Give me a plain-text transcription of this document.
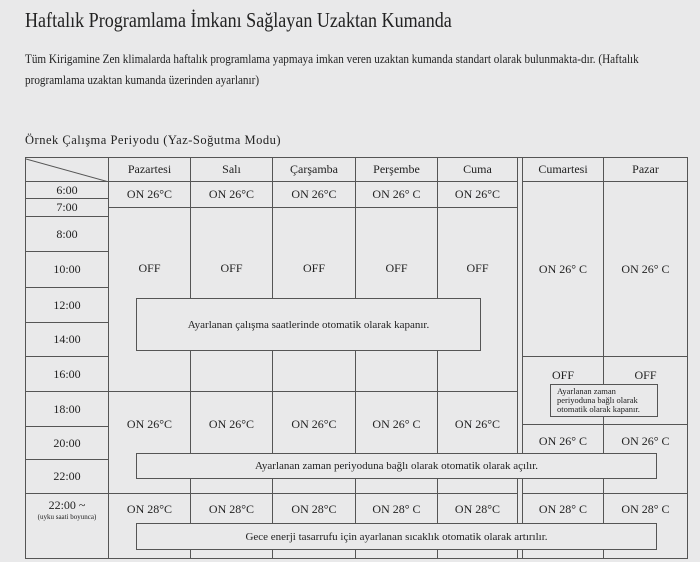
Haftalık Programlama İmkanı Sağlayan Uzaktan Kumanda
Tüm Kirigamine Zen klimalarda haftalık programlama yapmaya imkan veren uzaktan kumanda standart olarak bulunmakta-dır. (Haftalık programlama uzaktan kumanda üzerinden ayarlanır)
Örnek Çalışma Periyodu (Yaz-Soğutma Modu)
6:00
7:00
8:00
10:00
12:00
14:00
16:00
18:00
20:00
22:00
22:00 ~
(uyku saati boyunca)
Pazartesi
ON 26°C
OFF
ON 26°C
ON 28°C
Salı
ON 26°C
OFF
ON 26°C
ON 28°C
Çarşamba
ON 26°C
OFF
ON 26°C
ON 28°C
Perşembe
ON 26° C
OFF
ON 26° C
ON 28° C
Cuma
ON 26°C
OFF
ON 26°C
ON 28°C
Cumartesi
ON 26° C
OFF
ON 26° C
ON 28° C
Pazar
ON 26° C
OFF
ON 26° C
ON 28° C
Ayarlanan çalışma saatlerinde otomatik olarak kapanır.
Ayarlanan zaman periyoduna bağlı olarak otomatik olarak açılır.
Gece enerji tasarrufu için ayarlanan sıcaklık otomatik olarak artırılır.
Ayarlanan zaman
periyoduna bağlı olarak
otomatik olarak kapanır.
